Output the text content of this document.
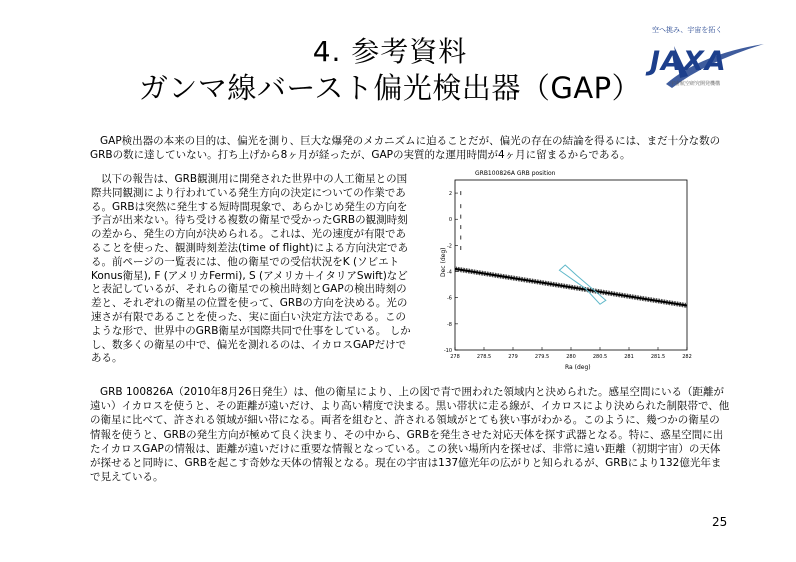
4. 参考資料
ガンマ線バースト偏光検出器（GAP）
空へ挑み、宇宙を拓く
JAXA
宇宙航空研究開発機構

GAP検出器の本来の目的は、偏光を測り、巨大な爆発のメカニズムに迫ることだが、偏光の存在の結論を得るには、まだ十分な数のGRBの数に達していない。打ち上げから8ヶ月が経ったが、GAPの実質的な運用時間が4ヶ月に留まるからである。

以下の報告は、GRB観測用に開発された世界中の人工衛星との国際共同観測により行われている発生方向の決定についての作業である。GRBは突然に発生する短時間現象で、あらかじめ発生の方向を予言が出来ない。待ち受ける複数の衛星で受かったGRBの観測時刻の差から、発生の方向が決められる。これは、光の速度が有限であることを使った、観測時刻差法(time of flight)による方向決定である。前ページの一覧表には、他の衛星での受信状況をK (ソビエトKonus衛星), F (アメリカFermi), S (アメリカ＋イタリアSwift)などと表記しているが、それらの衛星での検出時刻とGAPの検出時刻の差と、それぞれの衛星の位置を使って、GRBの方向を決める。光の速さが有限であることを使った、実に面白い決定方法である。このような形で、世界中のGRB衛星が国際共同で仕事をしている。 しかし、数多くの衛星の中で、偏光を測れるのは、イカロスGAPだけである。

GRB100826A GRB position
2
0
-2
-4
-6
-8
-10
278	278.5	279	279.5	280	280.5	281	281.5	282
Dec (deg)
Ra (deg)

GRB 100826A（2010年8月26日発生）は、他の衛星により、上の図で青で囲われた領域内と決められた。感星空間にいる（距離が遠い）イカロスを使うと、その距離が遠いだけ、より高い精度で決まる。黒い帯状に走る線が、イカロスにより決められた制限帯で、他の衛星に比べて、許される領域が細い帯になる。両者を組むと、許される領域がとても狭い事がわかる。このように、幾つかの衛星の情報を使うと、GRBの発生方向が極めて良く決まり、その中から、GRBを発生させた対応天体を探す武器となる。特に、惑星空間に出たイカロスGAPの情報は、距離が遠いだけに重要な情報となっている。この狭い場所内を探せば、非常に遠い距離（初期宇宙）の天体が探せると同時に、GRBを起こす奇妙な天体の情報となる。現在の宇宙は137億光年の広がりと知られるが、GRBにより132億光年まで見えている。

25
